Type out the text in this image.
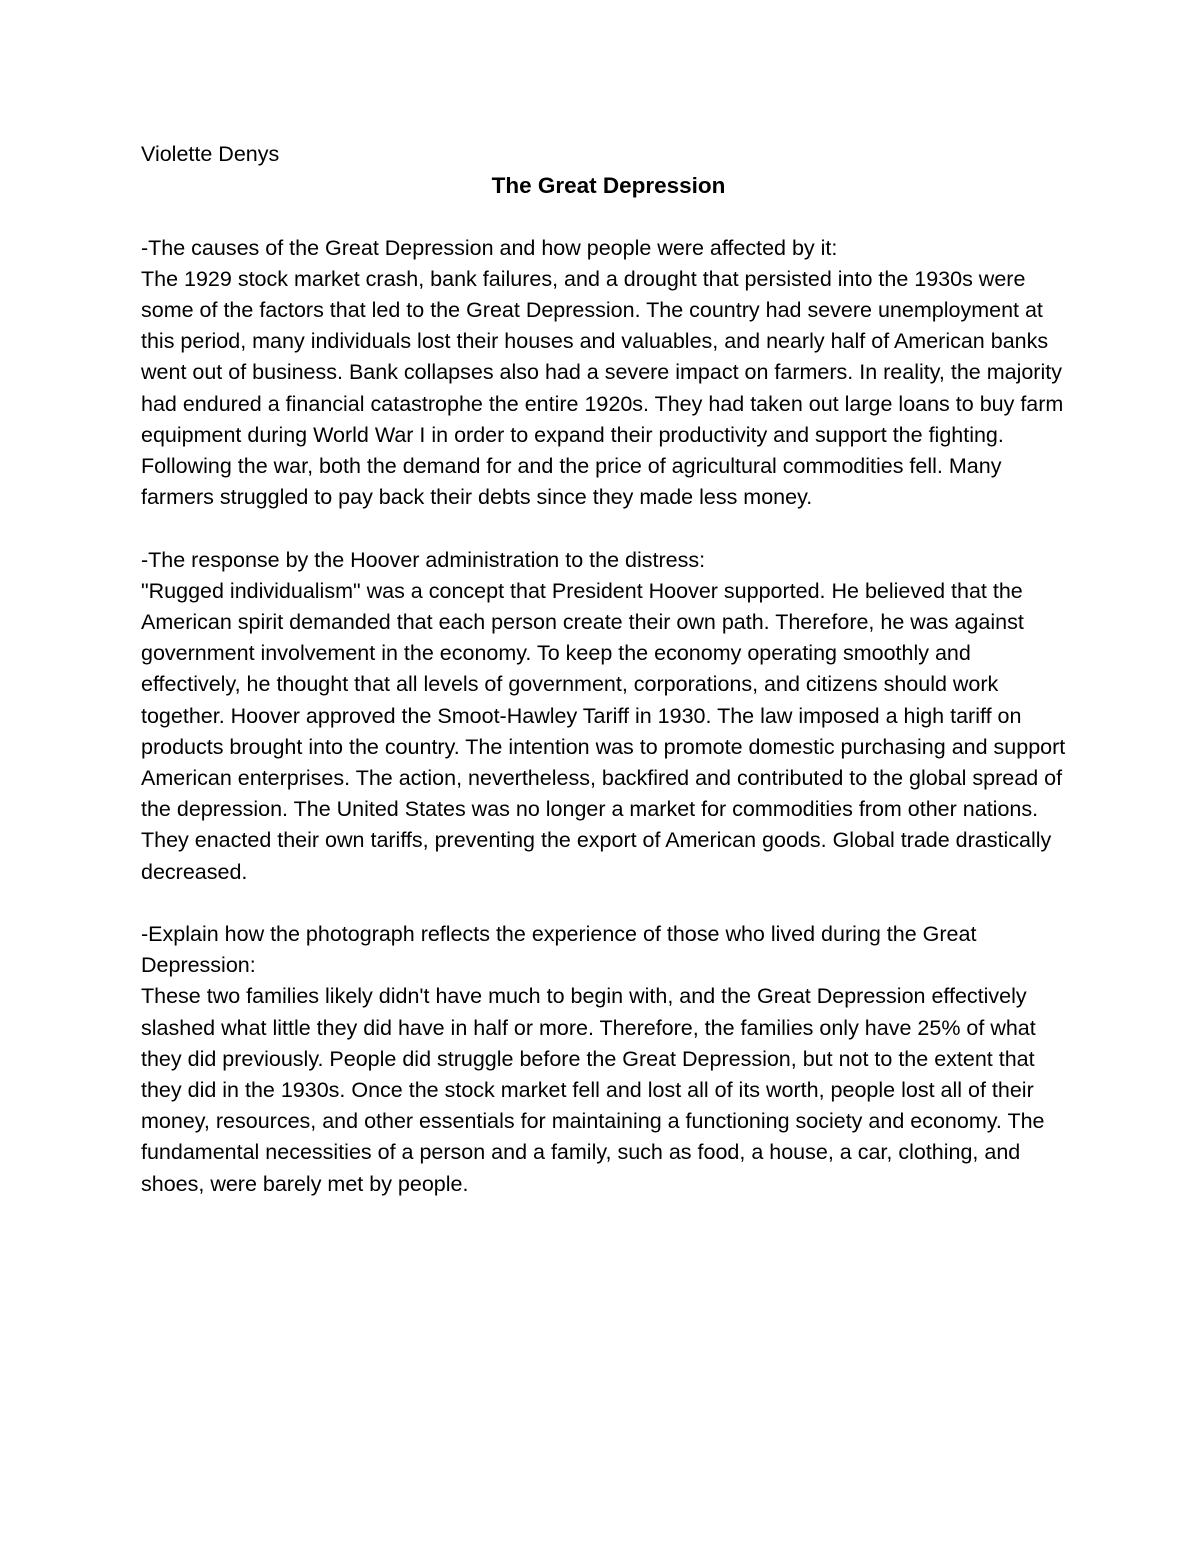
Violette Denys

The Great Depression

-The causes of the Great Depression and how people were affected by it:

The 1929 stock market crash, bank failures, and a drought that persisted into the 1930s were some of the factors that led to the Great Depression. The country had severe unemployment at this period, many individuals lost their houses and valuables, and nearly half of American banks went out of business. Bank collapses also had a severe impact on farmers. In reality, the majority had endured a financial catastrophe the entire 1920s. They had taken out large loans to buy farm equipment during World War I in order to expand their productivity and support the fighting. Following the war, both the demand for and the price of agricultural commodities fell. Many farmers struggled to pay back their debts since they made less money.

-The response by the Hoover administration to the distress:

"Rugged individualism" was a concept that President Hoover supported. He believed that the American spirit demanded that each person create their own path. Therefore, he was against government involvement in the economy. To keep the economy operating smoothly and effectively, he thought that all levels of government, corporations, and citizens should work together. Hoover approved the Smoot-Hawley Tariff in 1930. The law imposed a high tariff on products brought into the country. The intention was to promote domestic purchasing and support American enterprises. The action, nevertheless, backfired and contributed to the global spread of the depression. The United States was no longer a market for commodities from other nations. They enacted their own tariffs, preventing the export of American goods. Global trade drastically decreased.

-Explain how the photograph reflects the experience of those who lived during the Great Depression:

These two families likely didn't have much to begin with, and the Great Depression effectively slashed what little they did have in half or more. Therefore, the families only have 25% of what they did previously. People did struggle before the Great Depression, but not to the extent that they did in the 1930s. Once the stock market fell and lost all of its worth, people lost all of their money, resources, and other essentials for maintaining a functioning society and economy. The fundamental necessities of a person and a family, such as food, a house, a car, clothing, and shoes, were barely met by people.
